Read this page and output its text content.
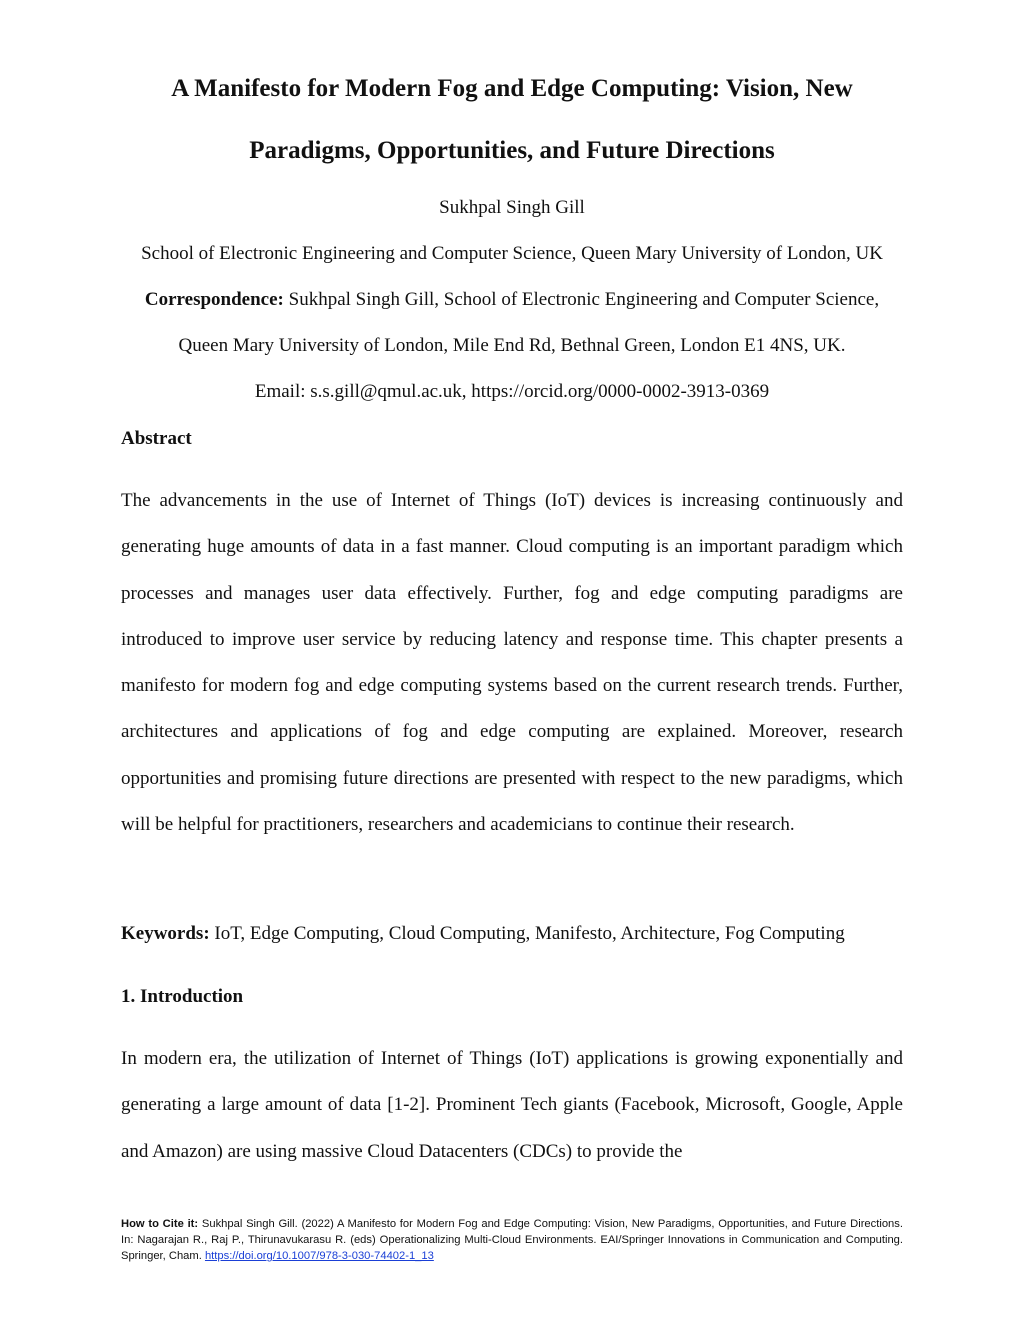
A Manifesto for Modern Fog and Edge Computing: Vision, New
Paradigms, Opportunities, and Future Directions

Sukhpal Singh Gill

School of Electronic Engineering and Computer Science, Queen Mary University of London, UK

Correspondence: Sukhpal Singh Gill, School of Electronic Engineering and Computer Science,

Queen Mary University of London, Mile End Rd, Bethnal Green, London E1 4NS, UK.

Email: s.s.gill@qmul.ac.uk, https://orcid.org/0000-0002-3913-0369

Abstract

The advancements in the use of Internet of Things (IoT) devices is increasing continuously and generating huge amounts of data in a fast manner. Cloud computing is an important paradigm which processes and manages user data effectively. Further, fog and edge computing paradigms are introduced to improve user service by reducing latency and response time. This chapter presents a manifesto for modern fog and edge computing systems based on the current research trends. Further, architectures and applications of fog and edge computing are explained. Moreover, research opportunities and promising future directions are presented with respect to the new paradigms, which will be helpful for practitioners, researchers and academicians to continue their research.

Keywords: IoT, Edge Computing, Cloud Computing, Manifesto, Architecture, Fog Computing

1. Introduction

In modern era, the utilization of Internet of Things (IoT) applications is growing exponentially and generating a large amount of data [1-2]. Prominent Tech giants (Facebook, Microsoft, Google, Apple and Amazon) are using massive Cloud Datacenters (CDCs) to provide the

How to Cite it: Sukhpal Singh Gill. (2022) A Manifesto for Modern Fog and Edge Computing: Vision, New Paradigms, Opportunities, and Future Directions. In: Nagarajan R., Raj P., Thirunavukarasu R. (eds) Operationalizing Multi-Cloud Environments. EAI/Springer Innovations in Communication and Computing. Springer, Cham. https://doi.org/10.1007/978-3-030-74402-1_13
